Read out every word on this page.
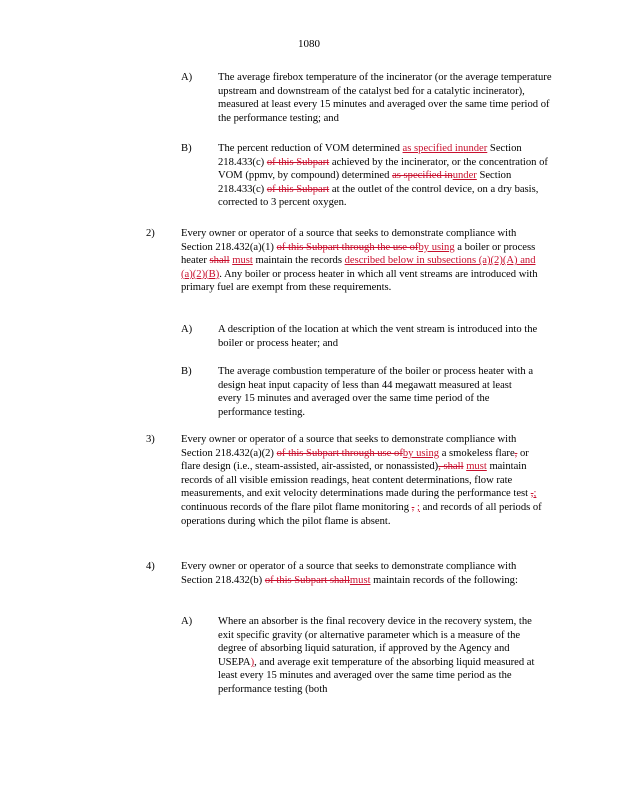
1080
A) The average firebox temperature of the incinerator (or the average temperature upstream and downstream of the catalyst bed for a catalytic incinerator), measured at least every 15 minutes and averaged over the same time period of the performance testing; and
B) The percent reduction of VOM determined as specified inunder Section 218.433(c) of this Subpart achieved by the incinerator, or the concentration of VOM (ppmv, by compound) determined as specified inunder Section 218.433(c) of this Subpart at the outlet of the control device, on a dry basis, corrected to 3 percent oxygen.
2) Every owner or operator of a source that seeks to demonstrate compliance with Section 218.432(a)(1) of this Subpart through the use ofby using a boiler or process heater shall must maintain the records described below in subsections (a)(2)(A) and (a)(2)(B). Any boiler or process heater in which all vent streams are introduced with primary fuel are exempt from these requirements.
A) A description of the location at which the vent stream is introduced into the boiler or process heater; and
B) The average combustion temperature of the boiler or process heater with a design heat input capacity of less than 44 megawatt measured at least every 15 minutes and averaged over the same time period of the performance testing.
3) Every owner or operator of a source that seeks to demonstrate compliance with Section 218.432(a)(2) of this Subpart through use ofby using a smokeless flare, or flare design (i.e., steam-assisted, air-assisted, or nonassisted), shall must maintain records of all visible emission readings, heat content determinations, flow rate measurements, and exit velocity determinations made during the performance test ,; continuous records of the flare pilot flame monitoring , ; and records of all periods of operations during which the pilot flame is absent.
4) Every owner or operator of a source that seeks to demonstrate compliance with Section 218.432(b) of this Subpart shallmust maintain records of the following:
A) Where an absorber is the final recovery device in the recovery system, the exit specific gravity (or alternative parameter which is a measure of the degree of absorbing liquid saturation, if approved by the Agency and USEPA), and average exit temperature of the absorbing liquid measured at least every 15 minutes and averaged over the same time period as the performance testing (both
